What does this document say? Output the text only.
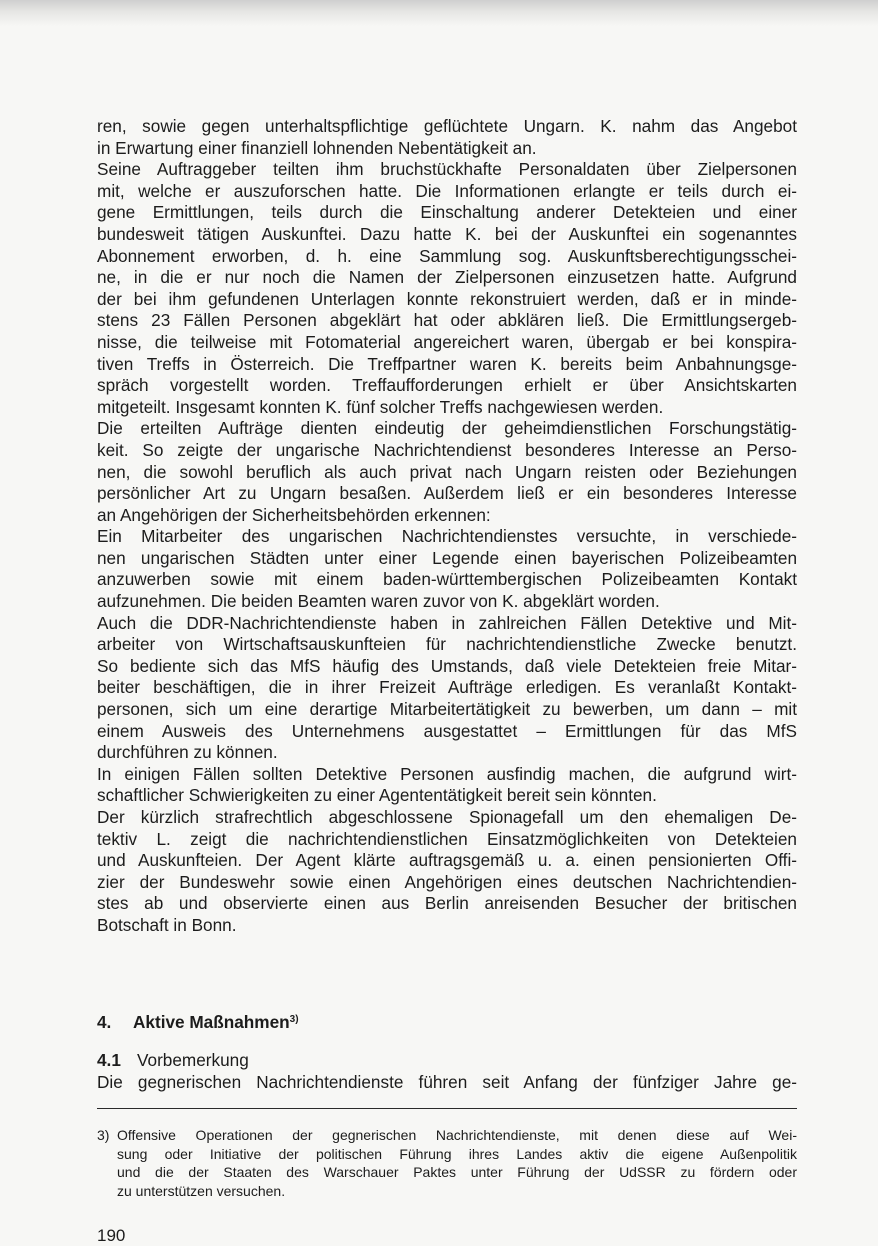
ren, sowie gegen unterhaltspflichtige geflüchtete Ungarn. K. nahm das Angebot
in Erwartung einer finanziell lohnenden Nebentätigkeit an.
Seine Auftraggeber teilten ihm bruchstückhafte Personaldaten über Zielpersonen
mit, welche er auszuforschen hatte. Die Informationen erlangte er teils durch ei-
gene Ermittlungen, teils durch die Einschaltung anderer Detekteien und einer
bundesweit tätigen Auskunftei. Dazu hatte K. bei der Auskunftei ein sogenanntes
Abonnement erworben, d. h. eine Sammlung sog. Auskunftsberechtigungsschei-
ne, in die er nur noch die Namen der Zielpersonen einzusetzen hatte. Aufgrund
der bei ihm gefundenen Unterlagen konnte rekonstruiert werden, daß er in minde-
stens 23 Fällen Personen abgeklärt hat oder abklären ließ. Die Ermittlungsergeb-
nisse, die teilweise mit Fotomaterial angereichert waren, übergab er bei konspira-
tiven Treffs in Österreich. Die Treffpartner waren K. bereits beim Anbahnungsge-
spräch vorgestellt worden. Treffaufforderungen erhielt er über Ansichtskarten
mitgeteilt. Insgesamt konnten K. fünf solcher Treffs nachgewiesen werden.
Die erteilten Aufträge dienten eindeutig der geheimdienstlichen Forschungstätig-
keit. So zeigte der ungarische Nachrichtendienst besonderes Interesse an Perso-
nen, die sowohl beruflich als auch privat nach Ungarn reisten oder Beziehungen
persönlicher Art zu Ungarn besaßen. Außerdem ließ er ein besonderes Interesse
an Angehörigen der Sicherheitsbehörden erkennen:
Ein Mitarbeiter des ungarischen Nachrichtendienstes versuchte, in verschiede-
nen ungarischen Städten unter einer Legende einen bayerischen Polizeibeamten
anzuwerben sowie mit einem baden-württembergischen Polizeibeamten Kontakt
aufzunehmen. Die beiden Beamten waren zuvor von K. abgeklärt worden.
Auch die DDR-Nachrichtendienste haben in zahlreichen Fällen Detektive und Mit-
arbeiter von Wirtschaftsauskunfteien für nachrichtendienstliche Zwecke benutzt.
So bediente sich das MfS häufig des Umstands, daß viele Detekteien freie Mitar-
beiter beschäftigen, die in ihrer Freizeit Aufträge erledigen. Es veranlaßt Kontakt-
personen, sich um eine derartige Mitarbeitertätigkeit zu bewerben, um dann – mit
einem Ausweis des Unternehmens ausgestattet – Ermittlungen für das MfS
durchführen zu können.
In einigen Fällen sollten Detektive Personen ausfindig machen, die aufgrund wirt-
schaftlicher Schwierigkeiten zu einer Agententätigkeit bereit sein könnten.
Der kürzlich strafrechtlich abgeschlossene Spionagefall um den ehemaligen De-
tektiv L. zeigt die nachrichtendienstlichen Einsatzmöglichkeiten von Detekteien
und Auskunfteien. Der Agent klärte auftragsgemäß u. a. einen pensionierten Offi-
zier der Bundeswehr sowie einen Angehörigen eines deutschen Nachrichtendien-
stes ab und observierte einen aus Berlin anreisenden Besucher der britischen
Botschaft in Bonn.
4. Aktive Maßnahmen$^{3)}$
4.1 Vorbemerkung
Die gegnerischen Nachrichtendienste führen seit Anfang der fünfziger Jahre ge-
3) Offensive Operationen der gegnerischen Nachrichtendienste, mit denen diese auf Wei-
sung oder Initiative der politischen Führung ihres Landes aktiv die eigene Außenpolitik
und die der Staaten des Warschauer Paktes unter Führung der UdSSR zu fördern oder
zu unterstützen versuchen.
190
